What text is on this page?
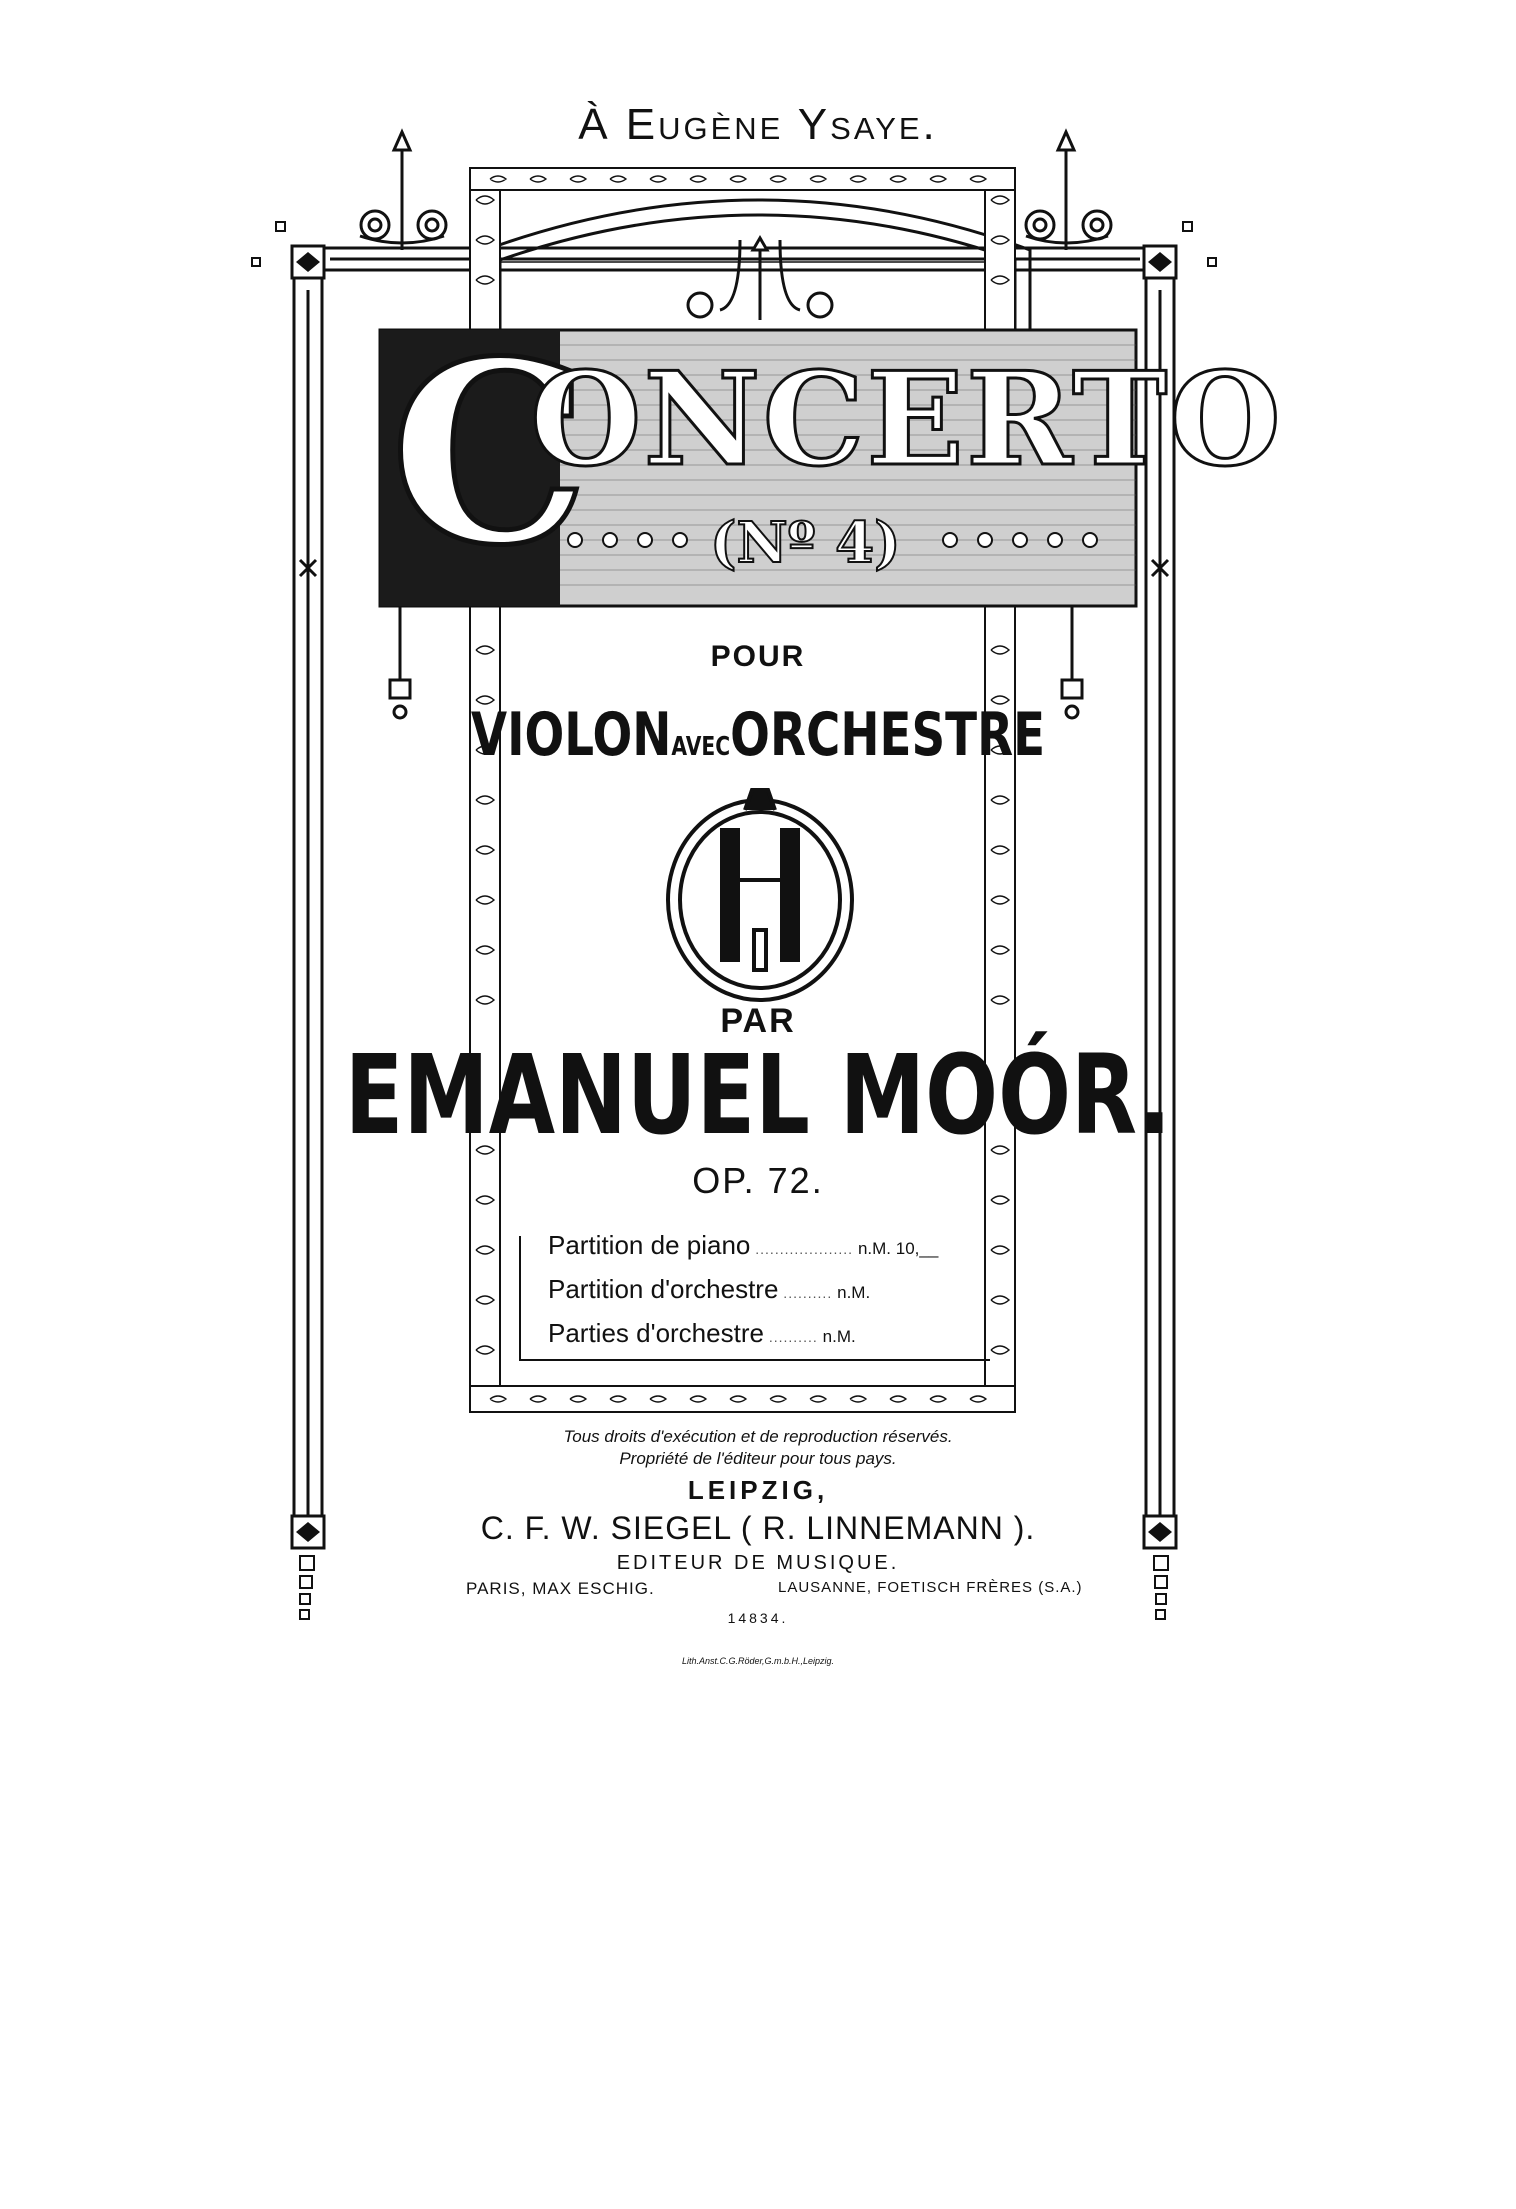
À Eugène Ysaye.
C
ONCERTO
(Nº 4)
POUR
VIOLONAVECORCHESTRE
PAR
EMANUEL MOÓR.
OP. 72.
Partition de piano .................... n.M. 10,__
Partition d'orchestre .......... n.M.
Parties d'orchestre .......... n.M.
Tous droits d'exécution et de reproduction réservés.
Propriété de l'éditeur pour tous pays.
LEIPZIG,
C. F. W. SIEGEL ( R. LINNEMANN ).
EDITEUR DE MUSIQUE.
PARIS, MAX ESCHIG.	LAUSANNE, FOETISCH FRÈRES (S.A.)
14834.
Lith.Anst.C.G.Röder,G.m.b.H.,Leipzig.
